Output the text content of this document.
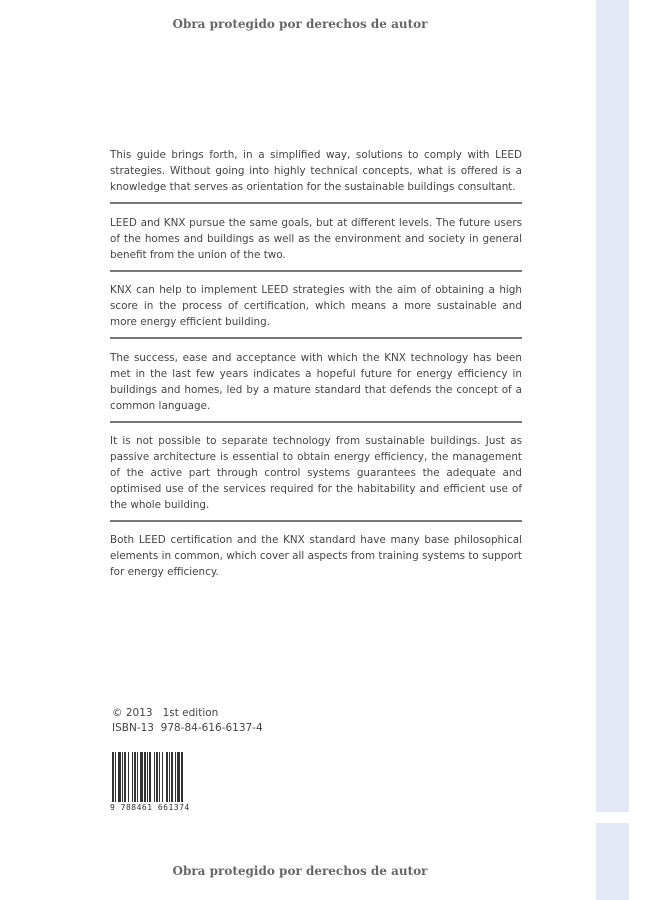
Obra protegido por derechos de autor

This guide brings forth, in a simplified way, solutions to comply with LEED strategies. Without going into highly technical concepts, what is offered is a knowledge that serves as orientation for the sustainable buildings consultant.

LEED and KNX pursue the same goals, but at different levels. The future users of the homes and buildings as well as the environment and society in general benefit from the union of the two.

KNX can help to implement LEED strategies with the aim of obtaining a high score in the process of certification, which means a more sustainable and more energy efficient building.

The success, ease and acceptance with which the KNX technology has been met in the last few years indicates a hopeful future for energy efficiency in buildings and homes, led by a mature standard that defends the concept of a common language.

It is not possible to separate technology from sustainable buildings. Just as passive architecture is essential to obtain energy efficiency, the management of the active part through control systems guarantees the adequate and optimised use of the services required for the habitability and efficient use of the whole building.

Both LEED certification and the KNX standard have many base philosophical elements in common, which cover all aspects from training systems to support for energy efficiency.

© 2013   1st edition
ISBN-13  978-84-616-6137-4
9 788461 661374
Obra protegido por derechos de autor
